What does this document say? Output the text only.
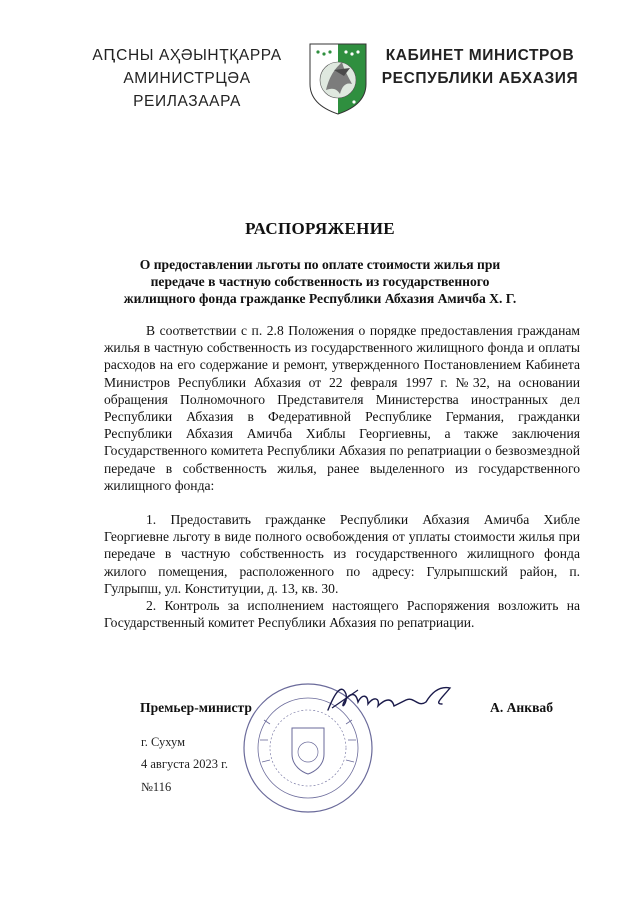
АԤСНЫ АҲӘЫНҬҚАРРА
АМИНИСТРЦӘА РЕИЛАЗААРА
КАБИНЕТ МИНИСТРОВ
РЕСПУБЛИКИ АБХАЗИЯ
РАСПОРЯЖЕНИЕ
О предоставлении льготы по оплате стоимости жилья при передаче в частную собственность из государственного жилищного фонда гражданке Республики Абхазия Амичба Х. Г.

В соответствии с п. 2.8 Положения о порядке предоставления гражданам жилья в частную собственность из государственного жилищного фонда и оплаты расходов на его содержание и ремонт, утвержденного Постановлением Кабинета Министров Республики Абхазия от 22 февраля 1997 г. №32, на основании обращения Полномочного Представителя Министерства иностранных дел Республики Абхазия в Федеративной Республике Германия, гражданки Республики Абхазия Амичба Хиблы Георгиевны, а также заключения Государственного комитета Республики Абхазия по репатриации о безвозмездной передаче в собственность жилья, ранее выделенного из государственного жилищного фонда:

1. Предоставить гражданке Республики Абхазия Амичба Хибле Георгиевне льготу в виде полного освобождения от уплаты стоимости жилья при передаче в частную собственность из государственного жилищного фонда жилого помещения, расположенного по адресу: Гулрыпшский район, п. Гулрыпш, ул. Конституции, д. 13, кв. 30.

2. Контроль за исполнением настоящего Распоряжения возложить на Государственный комитет Республики Абхазия по репатриации.

Премьер-министр	А. Анкваб
г. Сухум
4 августа 2023 г.
№116
